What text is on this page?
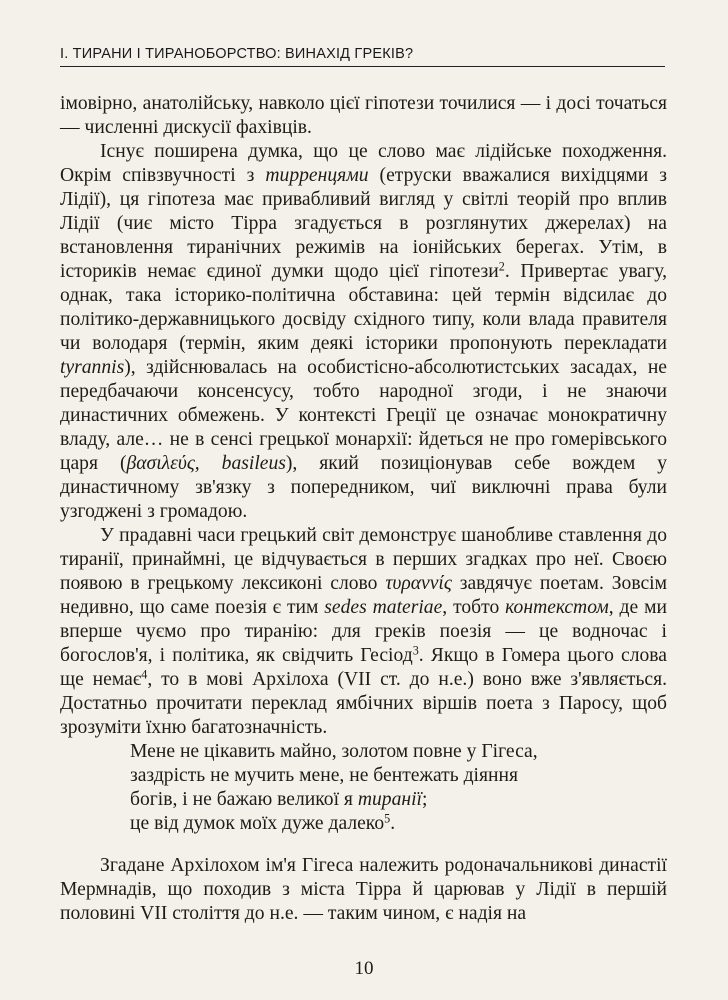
І. ТИРАНИ І ТИРАНОБОРСТВО: ВИНАХІД ГРЕКІВ?

імовірно, анатолійську, навколо цієї гіпотези точилися — і досі точаться — численні дискусії фахівців.

Існує поширена думка, що це слово має лідійське походження. Окрім співзвучності з тирренцями (етруски вважалися вихідцями з Лідії), ця гіпотеза має привабливий вигляд у світлі теорій про вплив Лідії (чиє місто Тірра згадується в розглянутих джерелах) на встановлення тиранічних режимів на іонійських берегах. Утім, в істориків немає єдиної думки щодо цієї гіпотези$^2$. Привертає увагу, однак, така історико-політична обставина: цей термін відсилає до політико-державницького досвіду східного типу, коли влада правителя чи володаря (термін, яким деякі історики пропонують перекладати tyrannis), здійснювалась на особистісно-абсолютистських засадах, не передбачаючи консенсусу, тобто народної згоди, і не знаючи династичних обмежень. У контексті Греції це означає монократичну владу, але… не в сенсі грецької монархії: йдеться не про гомерівського царя (βασιλεύς, basileus), який позиціонував себе вождем у династичному зв'язку з попередником, чиї виключні права були узгоджені з громадою.

У прадавні часи грецький світ демонструє шанобливе ставлення до тиранії, принаймні, це відчувається в перших згадках про неї. Своєю появою в грецькому лексиконі слово τυραννίς завдячує поетам. Зовсім недивно, що саме поезія є тим sedes materiae, тобто контекстом, де ми вперше чуємо про тиранію: для греків поезія — це водночас і богослов'я, і політика, як свідчить Гесіод$^3$. Якщо в Гомера цього слова ще немає$^4$, то в мові Архілоха (VII ст. до н.е.) воно вже з'являється. Достатньо прочитати переклад ямбічних віршів поета з Паросу, щоб зрозуміти їхню багатозначність.

Мене не цікавить майно, золотом повне у Гігеса,
заздрість не мучить мене, не бентежать діяння
богів, і не бажаю великої я тиранії;
це від думок моїх дуже далеко$^5$.

Згадане Архілохом ім'я Гігеса належить родоначальникові династії Мермнадів, що походив з міста Тірра й царював у Лідії в першій половині VII століття до н.е. — таким чином, є надія на

10
